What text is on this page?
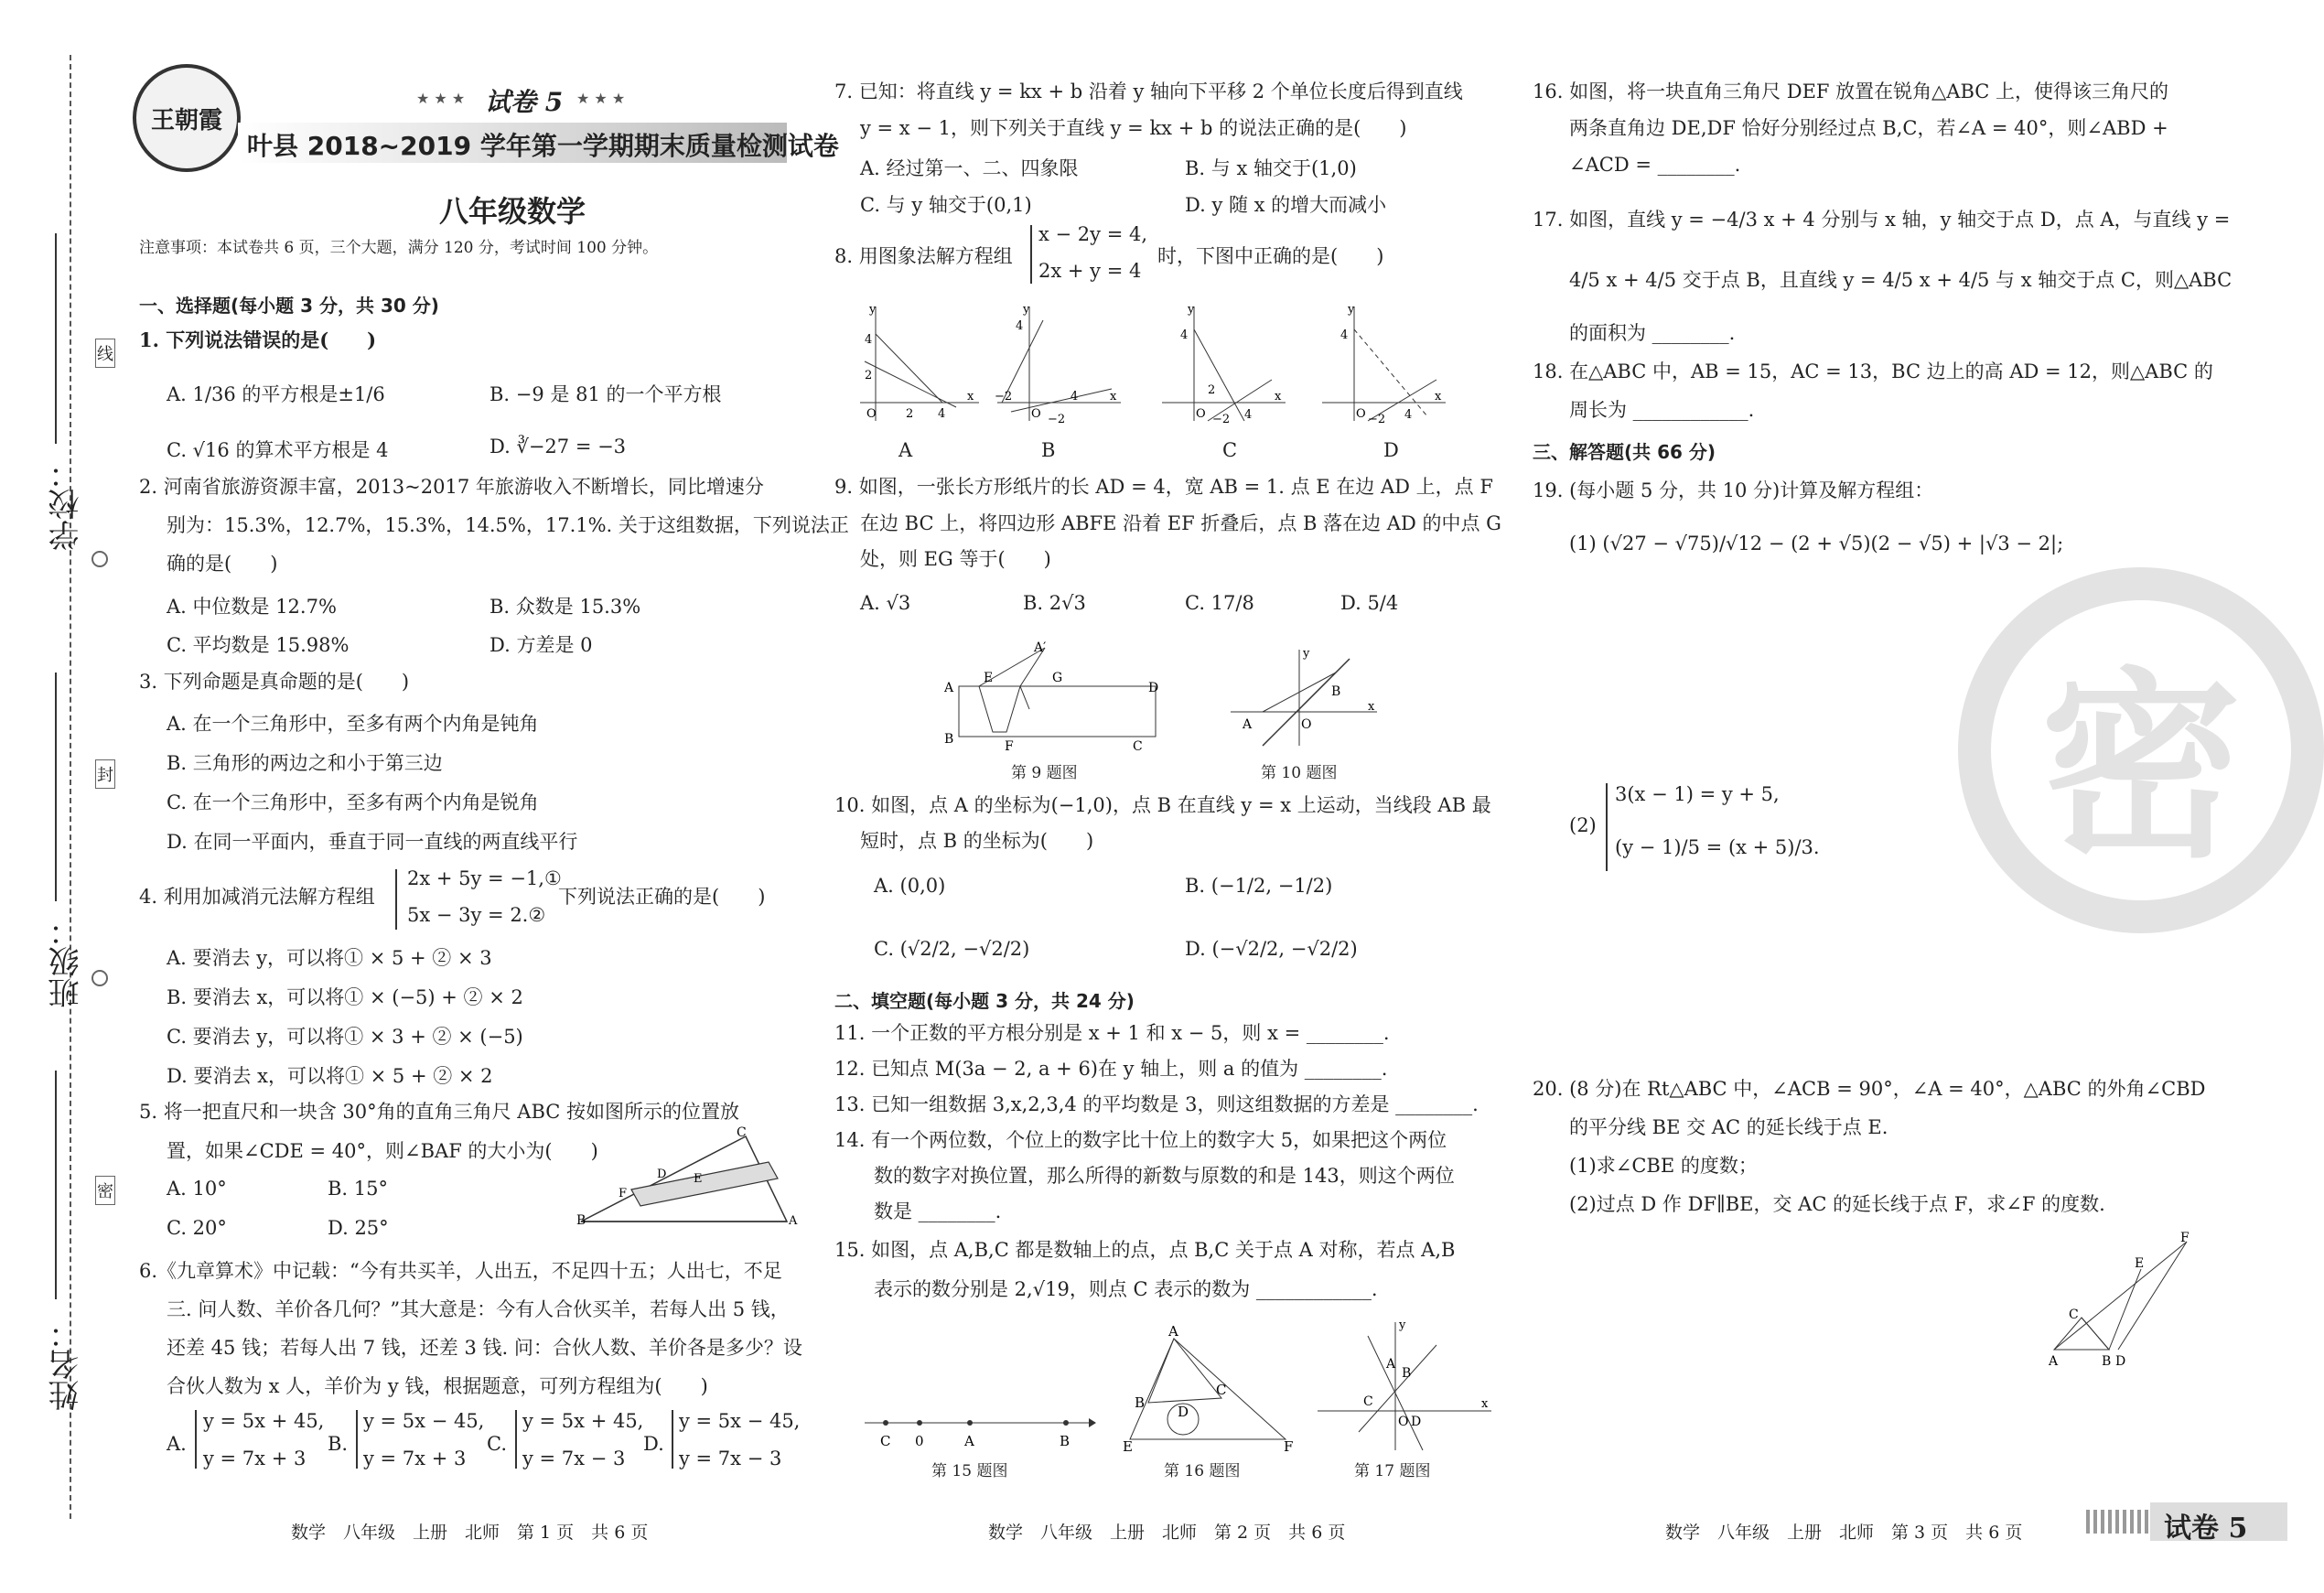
学校：
班级：
姓名：
线
封
密
王朝霞
★ ★ ★ 试卷 5 ★ ★ ★
叶县 2018~2019 学年第一学期期末质量检测试卷
八年级数学
注意事项：本试卷共 6 页，三个大题，满分 120 分，考试时间 100 分钟。
一、选择题(每小题 3 分，共 30 分)
1. 下列说法错误的是(　　)
A. 1/36 的平方根是±1/6	B. −9 是 81 的一个平方根
C. √16 的算术平方根是 4	D. ∛−27 = −3
2. 河南省旅游资源丰富，2013~2017 年旅游收入不断增长，同比增速分
别为：15.3%，12.7%，15.3%，14.5%，17.1%. 关于这组数据，下列说法正
确的是(　　)
A. 中位数是 12.7%	B. 众数是 15.3%
C. 平均数是 15.98%	D. 方差是 0
3. 下列命题是真命题的是(　　)
A. 在一个三角形中，至多有两个内角是钝角
B. 三角形的两边之和小于第三边
C. 在一个三角形中，至多有两个内角是锐角
D. 在同一平面内，垂直于同一直线的两直线平行
4. 利用加减消元法解方程组
2x + 5y = −1,①
5x − 3y = 2.②
下列说法正确的是(　　)
A. 要消去 y，可以将① × 5 + ② × 3
B. 要消去 x，可以将① × (−5) + ② × 2
C. 要消去 y，可以将① × 3 + ② × (−5)
D. 要消去 x，可以将① × 5 + ② × 2
5. 将一把直尺和一块含 30°角的直角三角尺 ABC 按如图所示的位置放
置，如果∠CDE = 40°，则∠BAF 的大小为(　　)
A. 10°	B. 15°
C. 20°	D. 25°	B
C
D
F
E
A
6.《九章算术》中记载：“今有共买羊，人出五，不足四十五；人出七，不足
三. 问人数、羊价各几何？”其大意是：今有人合伙买羊，若每人出 5 钱，
还差 45 钱；若每人出 7 钱，还差 3 钱. 问：合伙人数、羊价各是多少？设
合伙人数为 x 人，羊价为 y 钱，根据题意，可列方程组为(　　)
A.
y = 5x + 45,
y = 7x + 3
B.
y = 5x − 45,
y = 7x + 3
C.
y = 5x + 45,
y = 7x − 3
D.
y = 5x − 45,
y = 7x − 3
7. 已知：将直线 y = kx + b 沿着 y 轴向下平移 2 个单位长度后得到直线
y = x − 1，则下列关于直线 y = kx + b 的说法正确的是(　　)
A. 经过第一、二、四象限	B. 与 x 轴交于(1,0)
C. 与 y 轴交于(0,1)	D. y 随 x 的增大而减小
8. 用图象法解方程组
x − 2y = 4,
2x + y = 4
时，下图中正确的是(　　)
4
2
2 4
O
x
y
4
−2
O −2
4	x
y
4
O
2
−2 4
x
y
4
O −2 4
x
y
A	B	C	D
9. 如图，一张长方形纸片的长 AD = 4，宽 AB = 1. 点 E 在边 AD 上，点 F
在边 BC 上，将四边形 ABFE 沿着 EF 折叠后，点 B 落在边 AD 的中点 G
处，则 EG 等于(　　)
A. √3	B. 2√3	C. 17/8	D. 5/4
A
B
A′
E	G
F
D
C
A	O
B
x
y
第 9 题图	第 10 题图
10. 如图，点 A 的坐标为(−1,0)，点 B 在直线 y = x 上运动，当线段 AB 最
短时，点 B 的坐标为(　　)
A. (0,0)	B. (−1/2, −1/2)
C. (√2/2, −√2/2)	D. (−√2/2, −√2/2)
二、填空题(每小题 3 分，共 24 分)
11. 一个正数的平方根分别是 x + 1 和 x − 5，则 x = ________.
12. 已知点 M(3a − 2, a + 6)在 y 轴上，则 a 的值为 ________.
13. 已知一组数据 3,x,2,3,4 的平均数是 3，则这组数据的方差是 ________.
14. 有一个两位数，个位上的数字比十位上的数字大 5，如果把这个两位
数的数字对换位置，那么所得的新数与原数的和是 143，则这个两位
数是 ________.
15. 如图，点 A,B,C 都是数轴上的点，点 B,C 关于点 A 对称，若点 A,B
表示的数分别是 2,√19，则点 C 表示的数为 ____________.
C 0	A	B
A
E	F
B
C
D
A
B
C
O D
x
y
第 15 题图	第 16 题图	第 17 题图
16. 如图，将一块直角三角尺 DEF 放置在锐角△ABC 上，使得该三角尺的
两条直角边 DE,DF 恰好分别经过点 B,C，若∠A = 40°，则∠ABD +
∠ACD = ________.
17. 如图，直线 y = −4/3 x + 4 分别与 x 轴，y 轴交于点 D，点 A，与直线 y =
4/5 x + 4/5 交于点 B，且直线 y = 4/5 x + 4/5 与 x 轴交于点 C，则△ABC
的面积为 ________.
18. 在△ABC 中，AB = 15，AC = 13，BC 边上的高 AD = 12，则△ABC 的
周长为 ____________.
三、解答题(共 66 分)
19. (每小题 5 分，共 10 分)计算及解方程组：
(1) (√27 − √75)/√12 − (2 + √5)(2 − √5) + |√3 − 2|;
(2)
3(x − 1) = y + 5,
(y − 1)/5 = (x + 5)/3. 密
20. (8 分)在 Rt△ABC 中，∠ACB = 90°，∠A = 40°，△ABC 的外角∠CBD
的平分线 BE 交 AC 的延长线于点 E.
(1)求∠CBE 的度数；
(2)过点 D 作 DF∥BE，交 AC 的延长线于点 F，求∠F 的度数.
A	B D
C
E
F
数学　八年级　上册　北师　第 1 页　共 6 页	数学　八年级　上册　北师　第 2 页　共 6 页	数学　八年级　上册　北师　第 3 页　共 6 页	试卷 5
